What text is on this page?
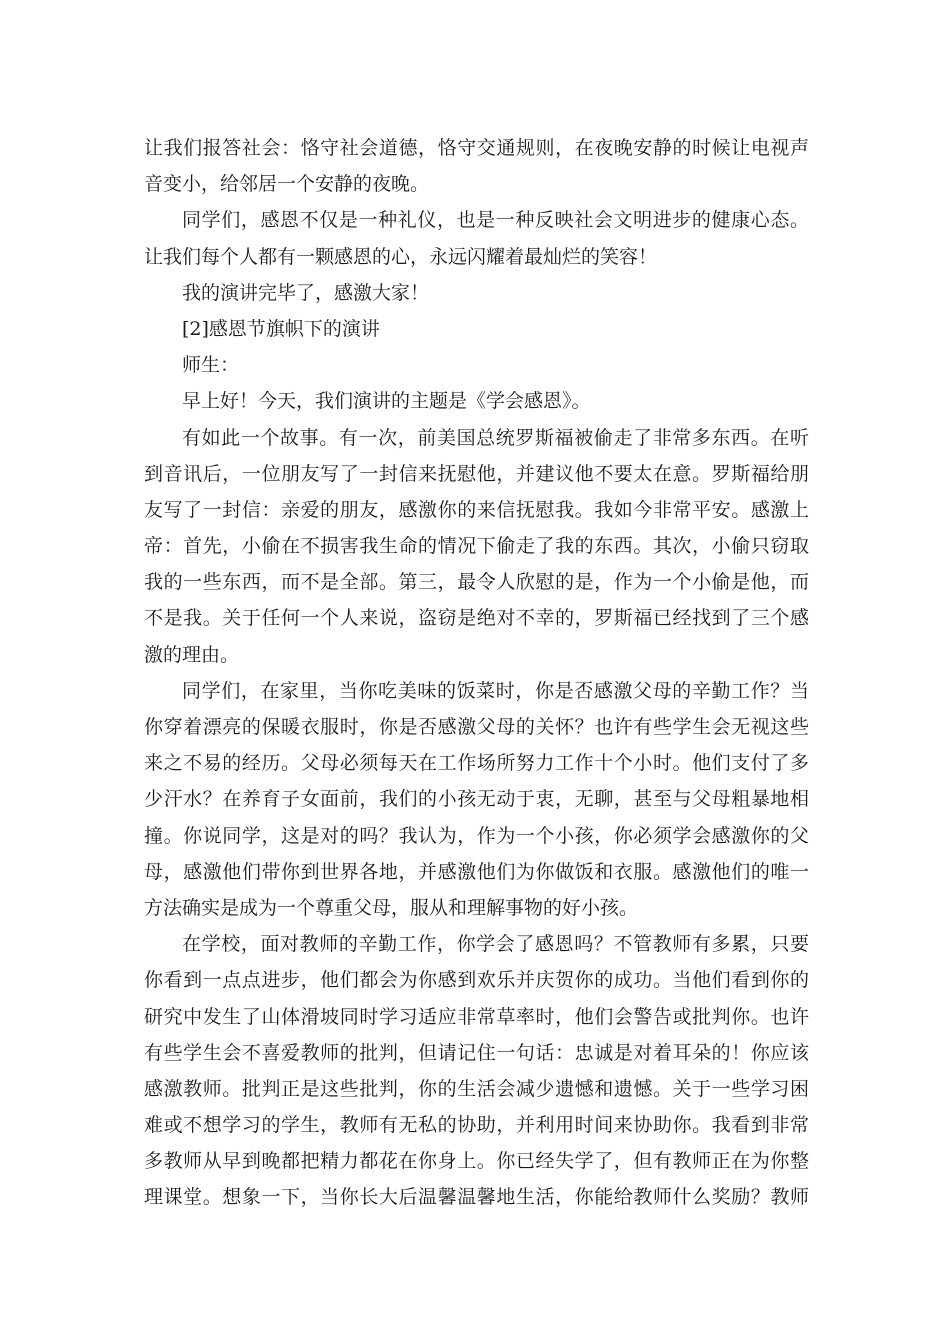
让我们报答社会：恪守社会道德，恪守交通规则，在夜晚安静的时候让电视声
音变小，给邻居一个安静的夜晚。
同学们，感恩不仅是一种礼仪，也是一种反映社会文明进步的健康心态。
让我们每个人都有一颗感恩的心，永远闪耀着最灿烂的笑容！
我的演讲完毕了，感激大家！
[2]感恩节旗帜下的演讲
师生：
早上好！今天，我们演讲的主题是《学会感恩》。
有如此一个故事。有一次，前美国总统罗斯福被偷走了非常多东西。在听
到音讯后，一位朋友写了一封信来抚慰他，并建议他不要太在意。罗斯福给朋
友写了一封信：亲爱的朋友，感激你的来信抚慰我。我如今非常平安。感激上
帝：首先，小偷在不损害我生命的情况下偷走了我的东西。其次，小偷只窃取
我的一些东西，而不是全部。第三，最令人欣慰的是，作为一个小偷是他，而
不是我。关于任何一个人来说，盗窃是绝对不幸的，罗斯福已经找到了三个感
激的理由。
同学们，在家里，当你吃美味的饭菜时，你是否感激父母的辛勤工作？当
你穿着漂亮的保暖衣服时，你是否感激父母的关怀？也许有些学生会无视这些
来之不易的经历。父母必须每天在工作场所努力工作十个小时。他们支付了多
少汗水？在养育子女面前，我们的小孩无动于衷，无聊，甚至与父母粗暴地相
撞。你说同学，这是对的吗？我认为，作为一个小孩，你必须学会感激你的父
母，感激他们带你到世界各地，并感激他们为你做饭和衣服。感激他们的唯一
方法确实是成为一个尊重父母，服从和理解事物的好小孩。
在学校，面对教师的辛勤工作，你学会了感恩吗？不管教师有多累，只要
你看到一点点进步，他们都会为你感到欢乐并庆贺你的成功。当他们看到你的
研究中发生了山体滑坡同时学习适应非常草率时，他们会警告或批判你。也许
有些学生会不喜爱教师的批判，但请记住一句话：忠诚是对着耳朵的！你应该
感激教师。批判正是这些批判，你的生活会减少遗憾和遗憾。关于一些学习困
难或不想学习的学生，教师有无私的协助，并利用时间来协助你。我看到非常
多教师从早到晚都把精力都花在你身上。你已经失学了，但有教师正在为你整
理课堂。想象一下，当你长大后温馨温馨地生活，你能给教师什么奖励？教师
